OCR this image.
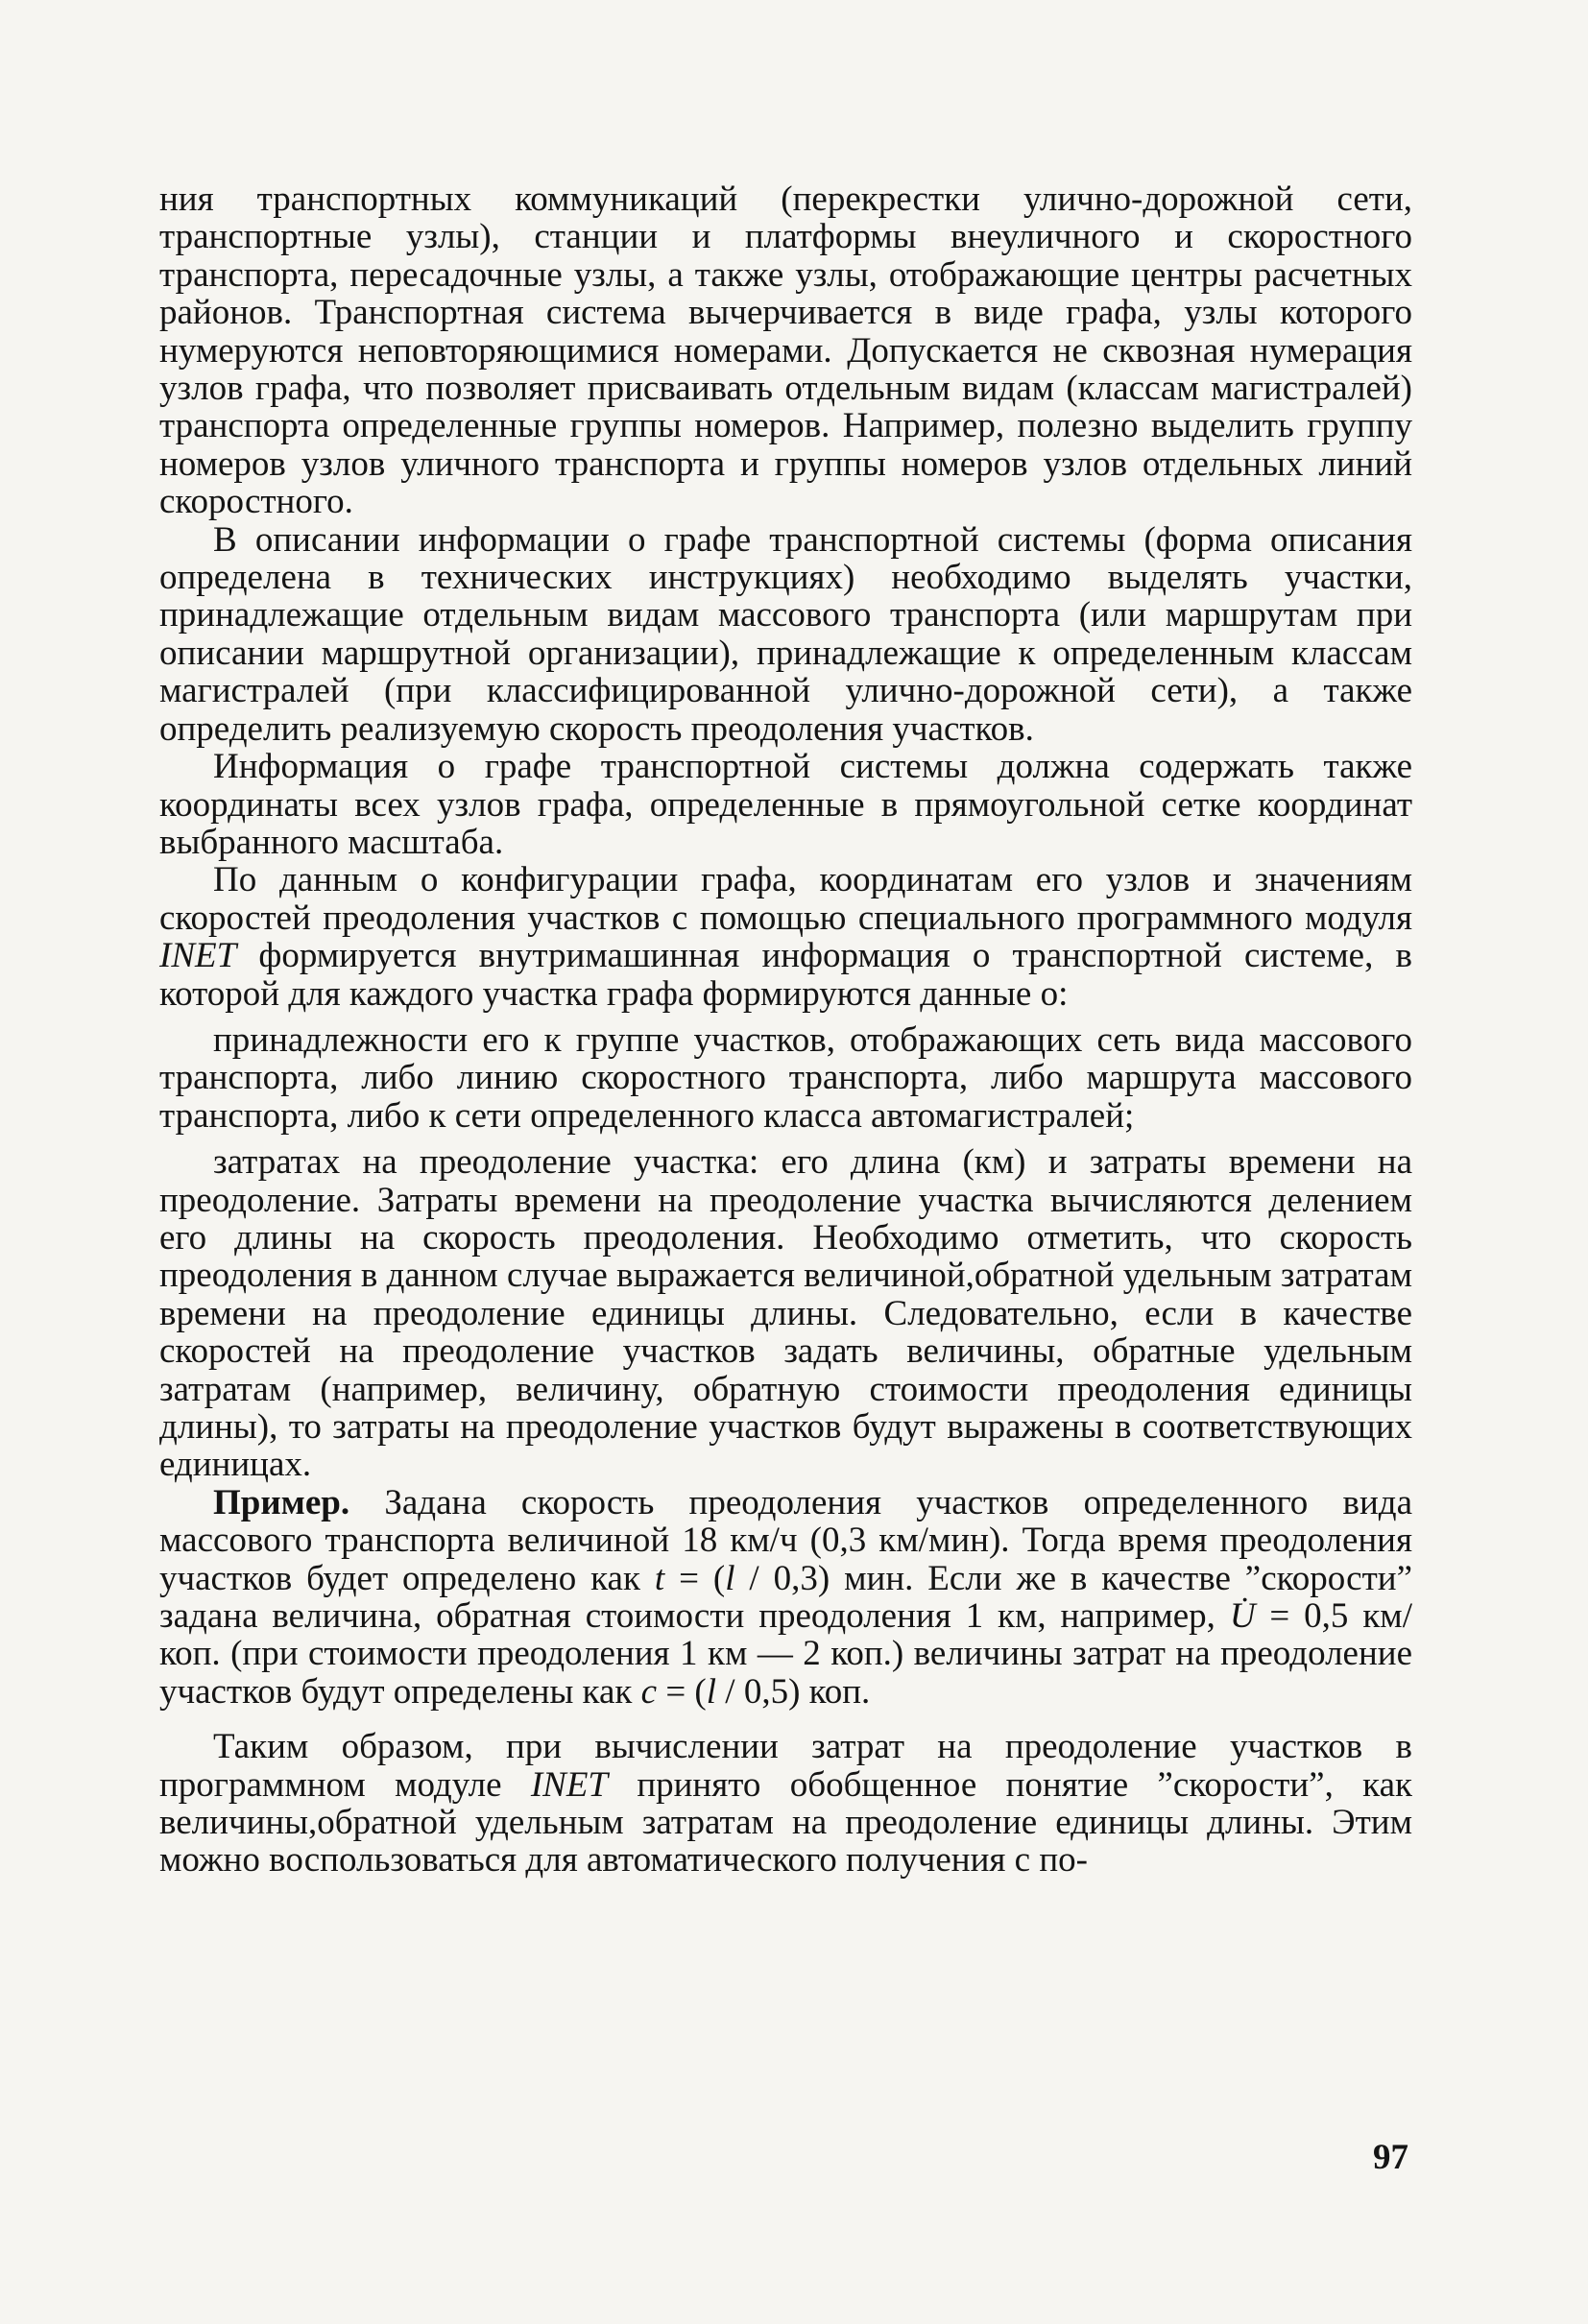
ния транспортных коммуникаций (перекрестки улично-дорожной сети, транспортные узлы), станции и платформы внеуличного и скоростного транспорта, пересадочные узлы, а также узлы, отображающие центры расчетных районов. Транспортная система вычерчивается в виде графа, узлы которого нумеруются неповторяющимися номерами. Допускается не сквозная нумерация узлов графа, что позволяет присваивать отдельным видам (классам магистралей) транспорта определенные группы номеров. Например, полезно выделить группу номеров узлов уличного транспорта и группы номеров узлов отдельных линий скоростного.

В описании информации о графе транспортной системы (форма описания определена в технических инструкциях) необходимо выделять участки, принадлежащие отдельным видам массового транспорта (или маршрутам при описании маршрутной организации), принадлежащие к определенным классам магистралей (при классифицированной улично-дорожной сети), а также определить реализуемую скорость преодоления участков.

Информация о графе транспортной системы должна содержать также координаты всех узлов графа, определенные в прямоугольной сетке координат выбранного масштаба.

По данным о конфигурации графа, координатам его узлов и значениям скоростей преодоления участков с помощью специального программного модуля INET формируется внутримашинная информация о транспортной системе, в которой для каждого участка графа формируются данные о:

принадлежности его к группе участков, отображающих сеть вида массового транспорта, либо линию скоростного транспорта, либо маршрута массового транспорта, либо к сети определенного класса автомагистралей;

затратах на преодоление участка: его длина (км) и затраты времени на преодоление. Затраты времени на преодоление участка вычисляются делением его длины на скорость преодоления. Необходимо отметить, что скорость преодоления в данном случае выражается величиной,обратной удельным затратам времени на преодоление единицы длины. Следовательно, если в качестве скоростей на преодоление участков задать величины, обратные удельным затратам (например, величину, обратную стоимости преодоления единицы длины), то затраты на преодоление участков будут выражены в соответствующих единицах.

Пример. Задана скорость преодоления участков определенного вида массового транспорта величиной 18 км/ч (0,3 км/мин). Тогда время преодоления участков будет определено как t = (l / 0,3) мин. Если же в качестве ”скорости” задана величина, обратная стоимости преодоления 1 км, например, U̇ = 0,5 км/коп. (при стоимости преодоления 1 км — 2 коп.) величины затрат на преодоление участков будут определены как c = (l / 0,5) коп.

Таким образом, при вычислении затрат на преодоление участков в программном модуле INET принято обобщенное понятие ”скорости”, как величины,обратной удельным затратам на преодоление единицы длины. Этим можно воспользоваться для автоматического получения с по-

97
